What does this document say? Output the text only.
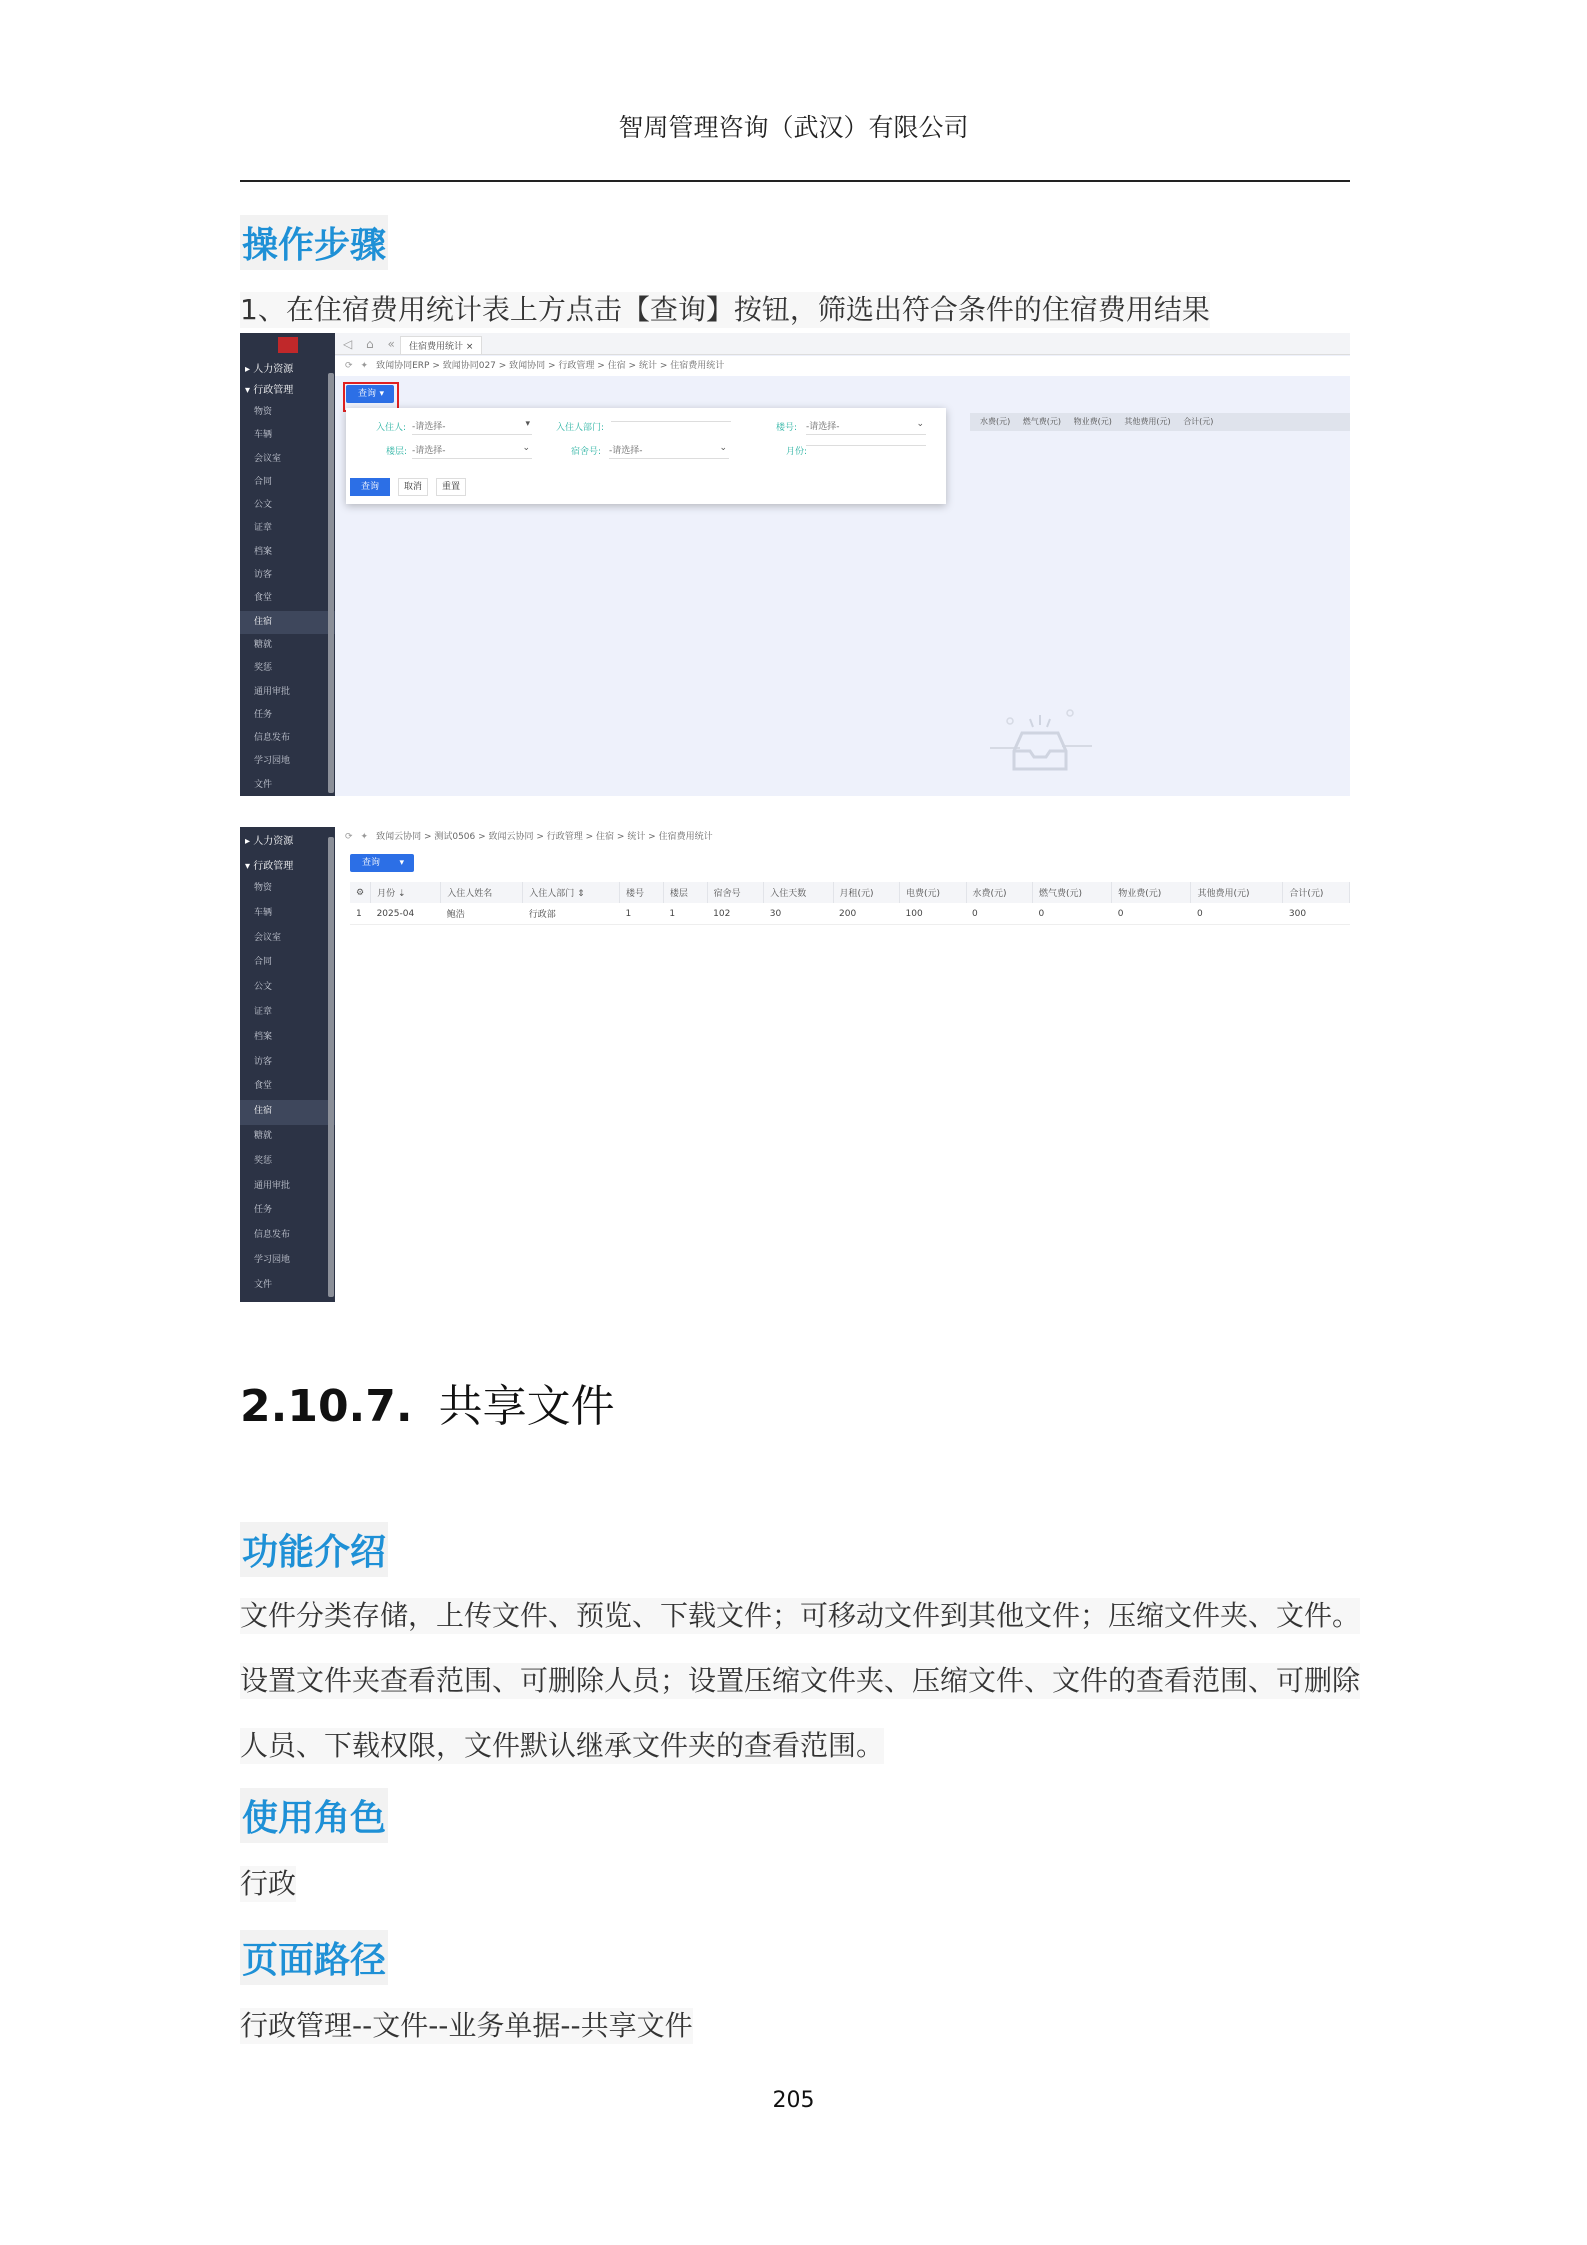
智周管理咨询（武汉）有限公司
操作步骤
1、在住宿费用统计表上方点击【查询】按钮，筛选出符合条件的住宿费用结果
▸ 人力资源
▾ 行政管理
物资
车辆
会议室
合同
公文
证章
档案
访客
食堂
住宿
糖就
奖惩
通用审批
任务
信息发布
学习园地
文件
◁ ⌂ «	住宿费用统计 ×
⟳ ✦ 致闻协同ERP > 致闻协同027 > 致闻协同 > 行政管理 > 住宿 > 统计 > 住宿费用统计
查询 ▾
水费(元) 燃气费(元) 物业费(元) 其他费用(元) 合计(元)
入住人: -请选择-	▾	入住人部门:	楼号: -请选择-	⌄
楼层: -请选择-	⌄	宿舍号: -请选择-	⌄	月份:
查询	取消	重置
▸ 人力资源
▾ 行政管理
物资
车辆
会议室
合同
公文
证章
档案
访客
食堂
住宿
糖就
奖惩
通用审批
任务
信息发布
学习园地
文件
⟳ ✦ 致闻云协同 > 测试0506 > 致闻云协同 > 行政管理 > 住宿 > 统计 > 住宿费用统计
查询 ▾
⚙	月份 ⇣	入住人姓名	入住人部门 ⇕	楼号	楼层	宿舍号	入住天数	月租(元)	电费(元)	水费(元)	燃气费(元)	物业费(元)	其他费用(元)	合计(元)
1	2025-04	鲍浩	行政部	1	1	102	30	200	100	0	0	0	0	300
2.10.7. 共享文件
功能介绍
文件分类存储，上传文件、预览、下载文件；可移动文件到其他文件；压缩文件夹、文件。
设置文件夹查看范围、可删除人员；设置压缩文件夹、压缩文件、文件的查看范围、可删除
人员、下载权限，文件默认继承文件夹的查看范围。
使用角色
行政
页面路径
行政管理--文件--业务单据--共享文件
205
